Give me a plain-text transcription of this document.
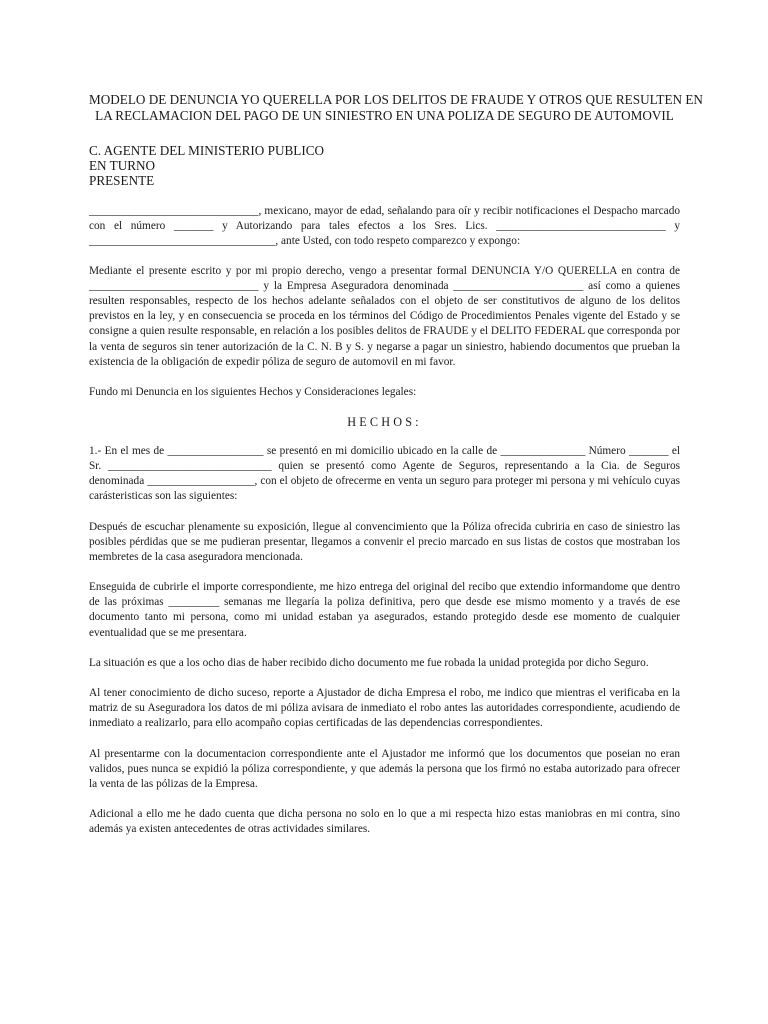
MODELO DE DENUNCIA YO QUERELLA POR LOS DELITOS DE FRAUDE Y OTROS QUE RESULTEN EN
LA RECLAMACION DEL PAGO DE UN SINIESTRO EN UNA POLIZA DE SEGURO DE AUTOMOVIL
C. AGENTE DEL MINISTERIO PUBLICO
EN TURNO
PRESENTE

______________________________, mexicano, mayor de edad, señalando para oír y recibir notificaciones el Despacho marcado con el número _______ y Autorizando para tales efectos a los Sres. Lics. ______________________________ y _________________________________, ante Usted, con todo respeto comparezco y expongo:

Mediante el presente escrito y por mi propio derecho, vengo a presentar formal DENUNCIA Y/O QUERELLA en contra de ______________________________ y la Empresa Aseguradora denominada _______________________ así como a quienes resulten responsables, respecto de los hechos adelante señalados con el objeto de ser constitutivos de alguno de los delitos previstos en la ley, y en consecuencia se proceda en los términos del Código de Procedimientos Penales vigente del Estado y se consigne a quien resulte responsable, en relación a los posibles delitos de FRAUDE y el DELITO FEDERAL que corresponda por la venta de seguros sin tener autorización de la C. N. B y S. y negarse a pagar un siniestro, habiendo documentos que prueban la existencia de la obligación de expedir póliza de seguro de automovil en mi favor.

Fundo mi Denuncia en los siguientes Hechos y Consideraciones legales:

HECHOS:

1.- En el mes de _________________ se presentó en mi domicilio ubicado en la calle de _______________ Número _______ el Sr. _____________________________ quien se presentó como Agente de Seguros, representando a la Cia. de Seguros denominada ___________________, con el objeto de ofrecerme en venta un seguro para proteger mi persona y mi vehículo cuyas carásteristicas son las siguientes:

Después de escuchar plenamente su exposición, llegue al convencimiento que la Póliza ofrecida cubriria en caso de siniestro las posibles pérdidas que se me pudieran presentar, llegamos a convenir el precio marcado en sus listas de costos que mostraban los membretes de la casa aseguradora mencionada.

Enseguida de cubrirle el importe correspondiente, me hizo entrega del original del recibo que extendio informandome que dentro de las próximas _________ semanas me llegaría la poliza definitiva, pero que desde ese mismo momento y a través de ese documento tanto mi persona, como mi unidad estaban ya asegurados, estando protegido desde ese momento de cualquier eventualidad que se me presentara.

La situación es que a los ocho dias de haber recibido dicho documento me fue robada la unidad protegida por dicho Seguro.

Al tener conocimiento de dicho suceso, reporte a Ajustador de dicha Empresa el robo, me indico que mientras el verificaba en la matriz de su Aseguradora los datos de mi póliza avisara de inmediato el robo antes las autoridades correspondiente, acudiendo de inmediato a realizarlo, para ello acompaño copias certificadas de las dependencias correspondientes.

Al presentarme con la documentacion correspondiente ante el Ajustador me informó que los documentos que poseian no eran validos, pues nunca se expidió la póliza correspondiente, y que además la persona que los firmó no estaba autorizado para ofrecer la venta de las pólizas de la Empresa.

Adicional a ello me he dado cuenta que dicha persona no solo en lo que a mi respecta hizo estas maniobras en mi contra, sino además ya existen antecedentes de otras actividades similares.
